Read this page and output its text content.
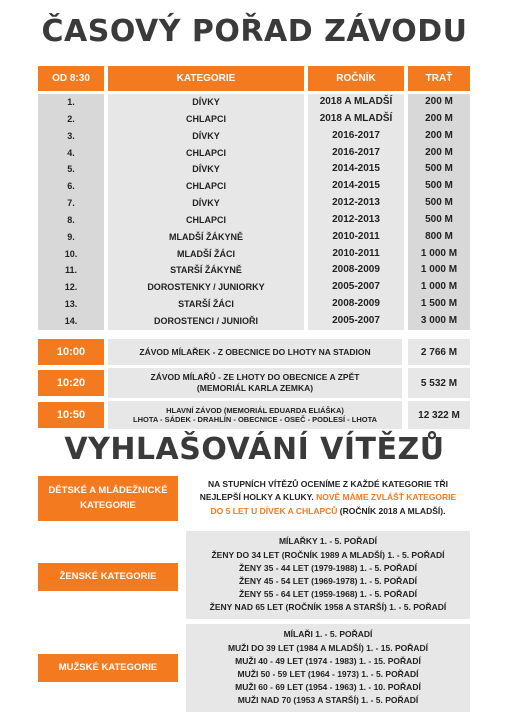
ČASOVÝ POŘAD ZÁVODU
OD 8:30	KATEGORIE	ROČNÍK	TRAŤ
1.	DÍVKY	2018 A MLADŠÍ	200 M
2.	CHLAPCI	2018 A MLADŠÍ	200 M
3.	DÍVKY	2016-2017	200 M
4.	CHLAPCI	2016-2017	200 M
5.	DÍVKY	2014-2015	500 M
6.	CHLAPCI	2014-2015	500 M
7.	DÍVKY	2012-2013	500 M
8.	CHLAPCI	2012-2013	500 M
9.	MLADŠÍ ŽÁKYNĚ	2010-2011	800 M
10.	MLADŠÍ ŽÁCI	2010-2011	1 000 M
11.	STARŠÍ ŽÁKYNĚ	2008-2009	1 000 M
12.	DOROSTENKY / JUNIORKY	2005-2007	1 000 M
13.	STARŠÍ ŽÁCI	2008-2009	1 500 M
14.	DOROSTENCI / JUNIOŘI	2005-2007	3 000 M
10:00	ZÁVOD MÍLAŘEK - Z OBECNICE DO LHOTY NA STADION	2 766 M
10:20	ZÁVOD MÍLAŘŮ - ZE LHOTY DO OBECNICE A ZPĚT
(MEMORIÁL KARLA ZEMKA)	5 532 M
10:50	HLAVNÍ ZÁVOD (MEMORIÁL EDUARDA ELIÁŠKA)
LHOTA - SÁDEK - DRAHLÍN - OBECNICE - OSEČ - PODLESÍ - LHOTA	12 322 M
VYHLAŠOVÁNÍ VÍTĚZŮ
DĚTSKÉ A MLÁDEŽNICKÉ KATEGORIE
NA STUPNÍCH VÍTĚZŮ OCENÍME Z KAŽDÉ KATEGORIE TŘI
NEJLEPŠÍ HOLKY A KLUKY. NOVĚ MÁME ZVLÁŠŤ KATEGORIE
DO 5 LET U DÍVEK A CHLAPCŮ (ROČNÍK 2018 A MLADŠÍ).
ŽENSKÉ KATEGORIE
MÍLAŘKY 1. - 5. POŘADÍ
ŽENY DO 34 LET (ROČNÍK 1989 A MLADŠÍ) 1. - 5. POŘADÍ
ŽENY 35 - 44 LET (1979-1988) 1. - 5. POŘADÍ
ŽENY 45 - 54 LET (1969-1978) 1. - 5. POŘADÍ
ŽENY 55 - 64 LET (1959-1968) 1. - 5. POŘADÍ
ŽENY NAD 65 LET (ROČNÍK 1958 A STARŠÍ) 1. - 5. POŘADÍ
MUŽSKÉ KATEGORIE
MÍLAŘI 1. - 5. POŘADÍ
MUŽI DO 39 LET (1984 A MLADŠÍ) 1. - 15. POŘADÍ
MUŽI 40 - 49 LET (1974 - 1983) 1. - 15. POŘADÍ
MUŽI 50 - 59 LET (1964 - 1973) 1. - 5. POŘADÍ
MUŽI 60 - 69 LET (1954 - 1963) 1. - 10. POŘADÍ
MUŽI NAD 70 (1953 A STARŠÍ) 1. - 5. POŘADÍ
